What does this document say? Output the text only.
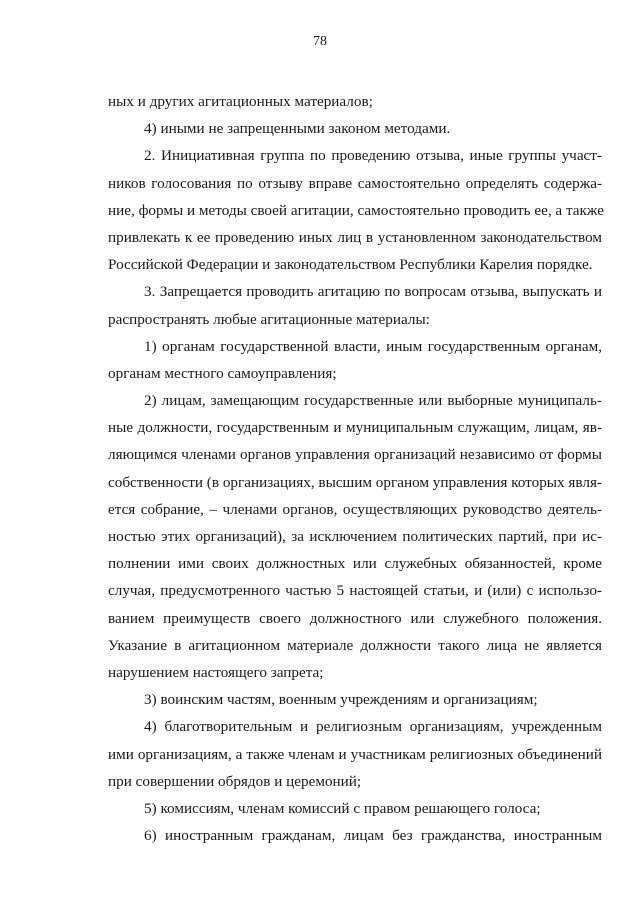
78
ных и других агитационных материалов;
4) иными не запрещенными законом методами.
2. Инициативная группа по проведению отзыва, иные группы участ-
ников голосования по отзыву вправе самостоятельно определять содержа-
ние, формы и методы своей агитации, самостоятельно проводить ее, а также
привлекать к ее проведению иных лиц в установленном законодательством
Российской Федерации и законодательством Республики Карелия порядке.
3. Запрещается проводить агитацию по вопросам отзыва, выпускать и
распространять любые агитационные материалы:
1) органам государственной власти, иным государственным органам,
органам местного самоуправления;
2) лицам, замещающим государственные или выборные муниципаль-
ные должности, государственным и муниципальным служащим, лицам, яв-
ляющимся членами органов управления организаций независимо от формы
собственности (в организациях, высшим органом управления которых явля-
ется собрание, – членами органов, осуществляющих руководство деятель-
ностью этих организаций), за исключением политических партий, при ис-
полнении ими своих должностных или служебных обязанностей, кроме
случая, предусмотренного частью 5 настоящей статьи, и (или) с использо-
ванием преимуществ своего должностного или служебного положения.
Указание в агитационном материале должности такого лица не является
нарушением настоящего запрета;
3) воинским частям, военным учреждениям и организациям;
4) благотворительным и религиозным организациям, учрежденным
ими организациям, а также членам и участникам религиозных объединений
при совершении обрядов и церемоний;
5) комиссиям, членам комиссий с правом решающего голоса;
6) иностранным гражданам, лицам без гражданства, иностранным
